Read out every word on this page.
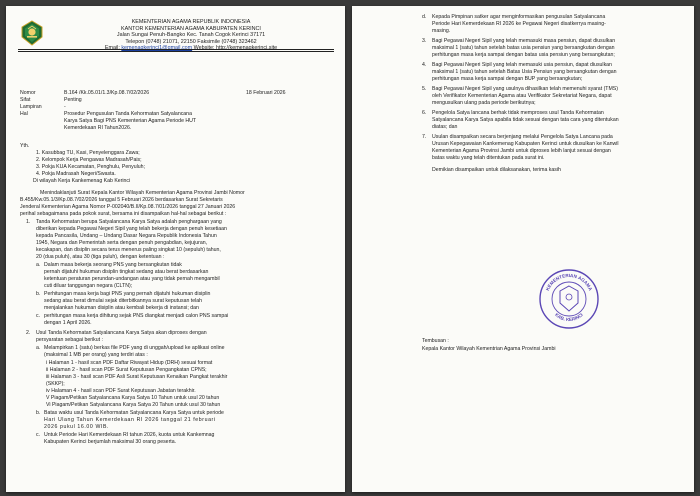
KEMENTERIAN AGAMA REPUBLIK INDONESIA
KANTOR KEMENTERIAN AGAMA KABUPATEN KERINCI
Jalan Sungai Penuh-Bangko Kec. Tanah Cogok Kerinci 37171
Telepon (0748) 21071, 22150 Faksimile (0748) 323462
Nomor	B.164 /Kk.05.01/1.3/Kp.08.7/02/2026	18 Februari 2026
Sifat	Penting
Lampiran	-
Hal	Prosedur Pengusulan Tanda Kehormatan Satyalancana
Karya Satya Bagi PNS Kementerian Agama Periode HUT
Kemerdekaan RI Tahun2026.
Yth.
1. Kasubbag TU, Kasi, Penyelenggara Zawa;
2. Kelompok Kerja Pengawas Madrasah/Pais;
3. Pokja KUA Kecamatan, Penghulu, Penyuluh;
4. Pokja Madrasah Negeri/Swasta.
Di wilayah Kerja Kankemenag Kab Kerinci
Menindaklanjuti Surat Kepala Kantor Wilayah Kementerian Agama Provinsi Jambi Nomor
B.455/Kw.05.1/3/Kp.08.7/02/2026 tanggal 5 Februari 2026 berdasarkan Surat Sekretaris
Jenderal Kementerian Agama Nomor P-002040/B.II/Kp.08.7/01/2026 tanggal 27 Januari 2026
perihal sebagaimana pada pokok surat, bersama ini disampaikan hal-hal sebagai berikut :
1. Tanda Kehormatan berupa Satyalancana Karya Satya adalah penghargaan yang
diberikan kepada Pegawai Negeri Sipil yang telah bekerja dengan penuh kesetiaan
kepada Pancasila, Undang – Undang Dasar Negara Republik Indonesia Tahun
1945, Negara dan Pemerintah serta dengan penuh pengabdian, kejujuran,
kecakapan, dan disiplin secara terus menerus paling singkat 10 (sepuluh) tahun,
20 (dua puluh), atau 30 (tiga puluh), dengan ketentuan :
a. Dalam masa bekerja seorang PNS yang bersangkutan tidak
pernah dijatuhi hukuman disiplin tingkat sedang atau berat berdasarkan
ketentuan peraturan perundan-undangan atau yang tidak pernah mengambil
cuti diluar tanggungan negara (CLTN);
b. Perhitungan masa kerja bagi PNS yang pernah dijatuhi hukuman disiplin
sedang atau berat dimulai sejak diterbitkannya surat keputusan telah
menjalankan hukuman disiplin atau kembali bekerja di instansi; dan
c. perhitungan masa kerja dihitung sejak PNS diangkat menjadi calon PNS sampai
dengan 1 April 2026.
2. Usul Tanda Kehormatan Satyalancana Karya Satya akan diproses dengan
persyaratan sebagai berikut :
a. Melampirkan 1 (satu) berkas file PDF yang di unggah/upload ke aplikasi online
(maksimal 1 MB per orang) yang terdiri atas :
i Halaman 1 - hasil scan PDF Daftar Riwayat Hidup (DRH) sesuai format
ii Halaman 2 - hasil scan PDF Surat Keputusan Pengangkatan CPNS;
iii Halaman 3 - hasil scan PDF Asli Surat Keputusan Kenaikan Pangkat terakhir
(SKKP);
iv Halaman 4 - hasil scan PDF Surat Keputusan Jabatan terakhir.
V Piagam/Petikan Satyalancana Karya Satya 10 Tahun untuk usul 20 tahun
Vi Piagam/Petikan Satyalancana Karya Satya 20 Tahun untuk usul 30 tahun
b. Batas waktu usul Tanda Kehormatan Satyalancana Karya Satya untuk periode
Hari Ulang Tahun Kemerdekaan RI 2026 tanggal 21 februari
2026 pukul 16.00 WIB.
c. Untuk Periode Hari Kemerdekaan RI tahun 2026, kuota untuk Kankemnag
Kabupaten Kerinci berjumlah maksimal 30 orang peserta.
d. Kepada Pimpinan satker agar menginformasikan pengusulan Satyalancana
Periode Hari Kemerdekaan RI 2026 ke Pegawai Negeri disatkerrya masing-
masing.
3. Bagi Pegawai Negeri Sipil yang telah memasuki masa pensiun, dapat diusulkan
maksimal 1 (satu) tahun setelah batas usia pensiun yang bersangkutan dengan
perhitungan masa kerja sampai dengan batas usia pensiun yang bersangkutan;
4. Bagi Pegawai Negeri Sipil yang telah memasuki usia pensiun, dapat diusulkan
maksimal 1 (satu) tahun setelah Batas Usia Pensiun yang bersangkutan dengan
perhitungan masa kerja sampai dengan BUP yang bersangkutan;
5. Bagi Pegawai Negeri Sipil yang usulnya dihasilkan telah memenuhi syarat (TMS)
oleh Verifikator Kementerian Agama atau Verifikator Sekretariat Negara, dapat
mengusulkan ulang pada periode berikutnya;
6. Pengelola Satya lancana berhak tidak memproses usul Tanda Kehormatan
Satyalancana Karya Satya apabila tidak sesuai dengan tata cara yang ditentukan
diatas; dan
7. Usulan disampaikan secara berjenjang melalui Pengelola Satya Lancana pada
Urusan Kepegawaian Kankemenag Kabupaten Kerinci untuk diusulkan ke Kanwil
Kementerian Agama Provinsi Jambi untuk diproses lebih lanjut sesuai dengan
batas waktu yang telah ditentukan pada surat ini.
Demikian disampaikan untuk dilaksanakan, terima kasih
KEMENTERIAN AGAMA
KAB. KERINCI
Tembusan :
Kepala Kantor Wilayah Kementrian Agama Provinsi Jambi
